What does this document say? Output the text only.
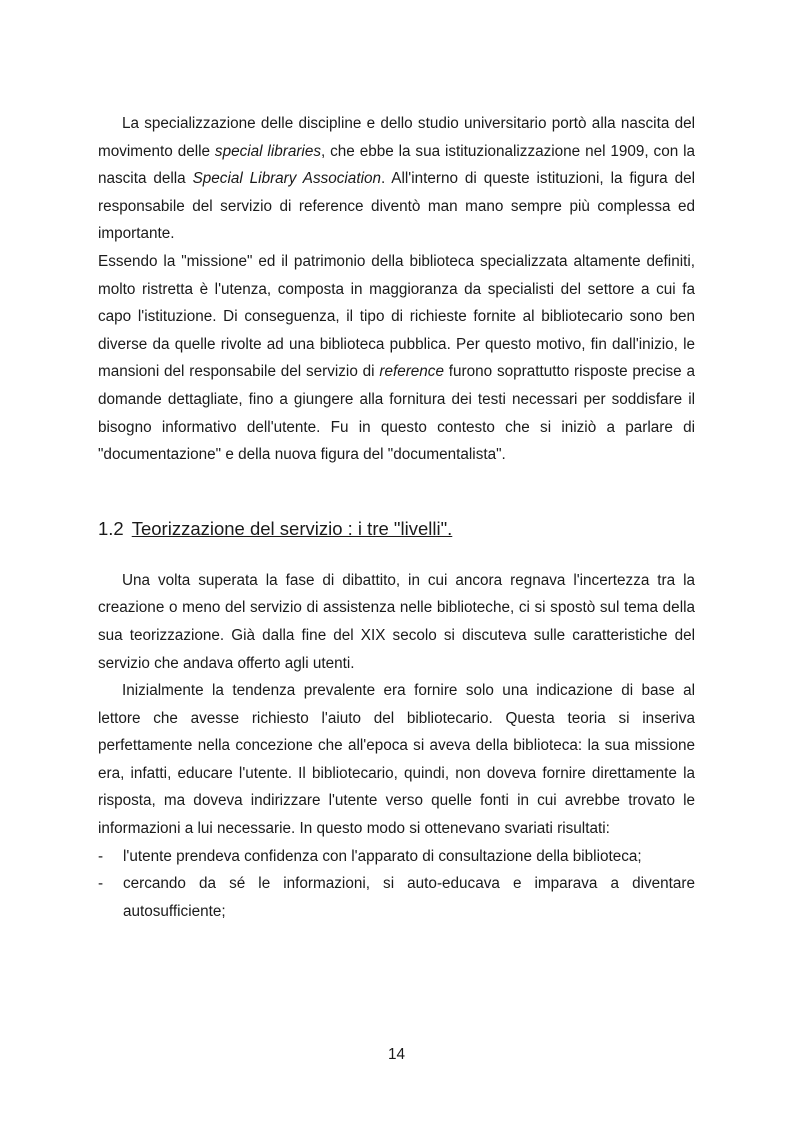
La specializzazione delle discipline e dello studio universitario portò alla nascita del movimento delle special libraries, che ebbe la sua istituzionalizzazione nel 1909, con la nascita della Special Library Association. All'interno di queste istituzioni, la figura del responsabile del servizio di reference diventò man mano sempre più complessa ed importante.

Essendo la "missione" ed il patrimonio della biblioteca specializzata altamente definiti, molto ristretta è l'utenza, composta in maggioranza da specialisti del settore a cui fa capo l'istituzione. Di conseguenza, il tipo di richieste fornite al bibliotecario sono ben diverse da quelle rivolte ad una biblioteca pubblica. Per questo motivo, fin dall'inizio, le mansioni del responsabile del servizio di reference furono soprattutto risposte precise a domande dettagliate, fino a giungere alla fornitura dei testi necessari per soddisfare il bisogno informativo dell'utente. Fu in questo contesto che si iniziò a parlare di "documentazione" e della nuova figura del "documentalista".

1.2 Teorizzazione del servizio : i tre "livelli".

Una volta superata la fase di dibattito, in cui ancora regnava l'incertezza tra la creazione o meno del servizio di assistenza nelle biblioteche, ci si spostò sul tema della sua teorizzazione. Già dalla fine del XIX secolo si discuteva sulle caratteristiche del servizio che andava offerto agli utenti.

Inizialmente la tendenza prevalente era fornire solo una indicazione di base al lettore che avesse richiesto l'aiuto del bibliotecario. Questa teoria si inseriva perfettamente nella concezione che all'epoca si aveva della biblioteca: la sua missione era, infatti, educare l'utente. Il bibliotecario, quindi, non doveva fornire direttamente la risposta, ma doveva indirizzare l'utente verso quelle fonti in cui avrebbe trovato le informazioni a lui necessarie. In questo modo si ottenevano svariati risultati:

- l'utente prendeva confidenza con l'apparato di consultazione della biblioteca;
- cercando da sé le informazioni, si auto-educava e imparava a diventare autosufficiente;
14
